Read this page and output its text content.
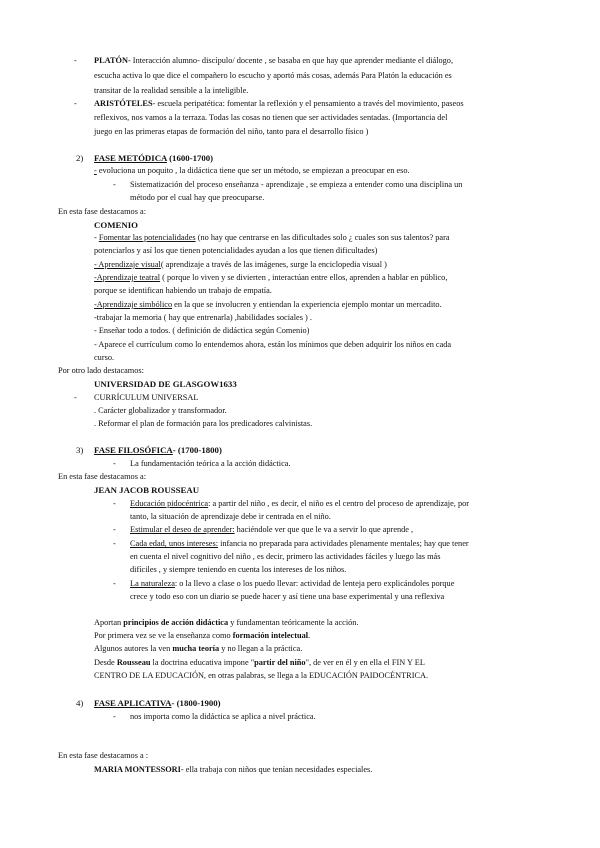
- PLATÓN- Interacción alumno- discípulo/ docente , se basaba en que hay que aprender mediante el diálogo,
escucha activa lo que dice el compañero lo escucho y aportó más cosas, además Para Platón la educación es
transitar de la realidad sensible a la inteligible.
- ARISTÓTELES- escuela peripatética: fomentar la reflexión y el pensamiento a través del movimiento, paseos
reflexivos, nos vamos a la terraza. Todas las cosas no tienen que ser actividades sentadas. (Importancia del
juego en las primeras etapas de formación del niño, tanto para el desarrollo físico )
2) FASE METÓDICA (1600-1700)
- evoluciona un poquito , la didáctica tiene que ser un método, se empiezan a preocupar en eso.
- Sistematización del proceso enseñanza - aprendizaje , se empieza a entender como una disciplina un
método por el cual hay que preocuparse.
En esta fase destacamos a:
COMENIO
- Fomentar las potencialidades (no hay que centrarse en las dificultades solo ¿ cuales son sus talentos? para
potenciarlos y así los que tienen potencialidades ayudan a los que tienen dificultades)
- Aprendizaje visual( aprendizaje a través de las imágenes, surge la enciclopedia visual )
-Aprendizaje teatral ( porque lo viven y se divierten , interactúan entre ellos, aprenden a hablar en público,
porque se identifican habiendo un trabajo de empatía.
-Aprendizaje simbólico en la que se involucren y entiendan la experiencia ejemplo montar un mercadito.
-trabajar la memoria ( hay que entrenarla) ,habilidades sociales ) .
- Enseñar todo a todos. ( definición de didáctica según Comenio)
- Aparece el currículum como lo entendemos ahora, están los mínimos que deben adquirir los niños en cada
curso.
Por otro lado destacamos:
UNIVERSIDAD DE GLASGOW1633
- CURRÍCULUM UNIVERSAL
. Carácter globalizador y transformador.
. Reformar el plan de formación para los predicadores calvinistas.
3) FASE FILOSÓFICA- (1700-1800)
- La fundamentación teórica a la acción didáctica.
En esta fase destacamos a:
JEAN JACOB ROUSSEAU
- Educación pidocéntrica: a partir del niño , es decir, el niño es el centro del proceso de aprendizaje, por
tanto, la situación de aprendizaje debe ir centrada en el niño.
- Estimular el deseo de aprender: haciéndole ver que que le va a servir lo que aprende ,
- Cada edad, unos intereses: infancia no preparada para actividades plenamente mentales; hay que tener
en cuenta el nivel cognitivo del niño , es decir, primero las actividades fáciles y luego las más
difíciles , y siempre teniendo en cuenta los intereses de los niños.
- La naturaleza: o la llevo a clase o los puedo llevar: actividad de lenteja pero explicándoles porque
crece y todo eso con un diario se puede hacer y así tiene una base experimental y una reflexiva
Aportan principios de acción didáctica y fundamentan teóricamente la acción.
Por primera vez se ve la enseñanza como formación intelectual.
Algunos autores la ven mucha teoría y no llegan a la práctica.
Desde Rousseau la doctrina educativa impone "partir del niño", de ver en él y en ella el FIN Y EL
CENTRO DE LA EDUCACIÓN, en otras palabras, se llega a la EDUCACIÓN PAIDOCÉNTRICA.
4) FASE APLICATIVA- (1800-1900)
- nos importa como la didáctica se aplica a nivel práctica.
En esta fase destacamos a :
MARIA MONTESSORI- ella trabaja con niños que tenían necesidades especiales.
